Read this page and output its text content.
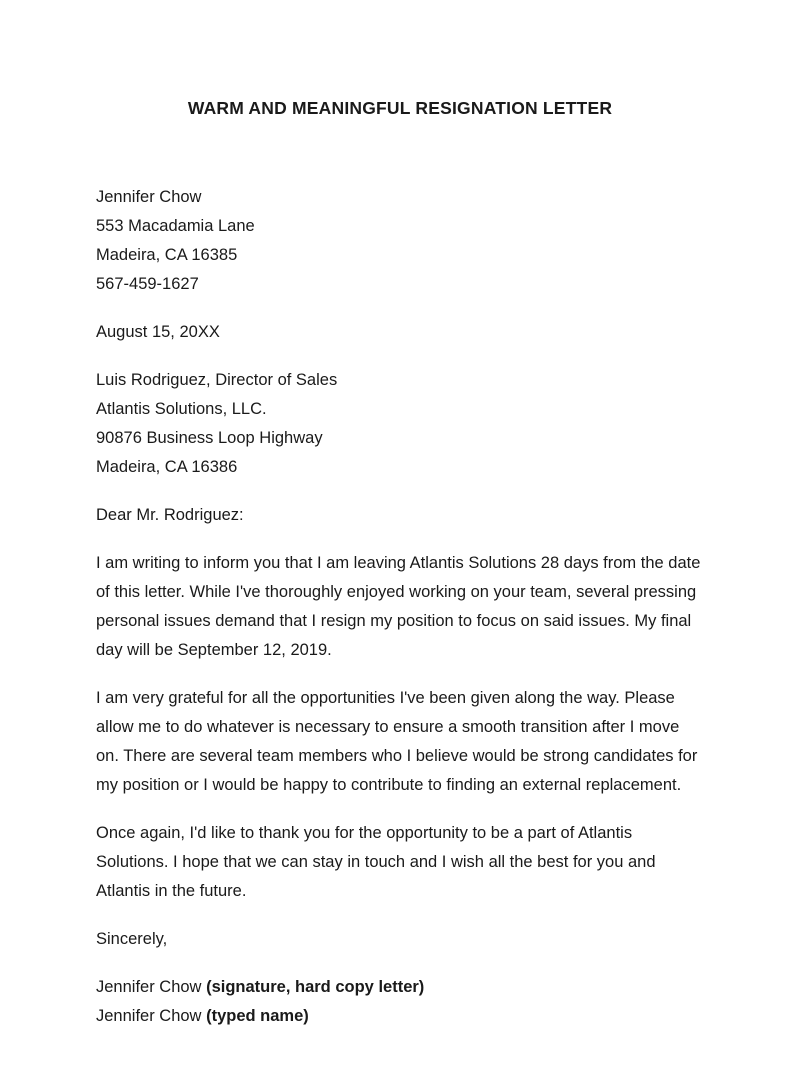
WARM AND MEANINGFUL RESIGNATION LETTER
Jennifer Chow
553 Macadamia Lane
Madeira, CA 16385
567-459-1627
August 15, 20XX
Luis Rodriguez, Director of Sales
Atlantis Solutions, LLC.
90876 Business Loop Highway
Madeira, CA 16386
Dear Mr. Rodriguez:

I am writing to inform you that I am leaving Atlantis Solutions 28 days from the date of this letter. While I've thoroughly enjoyed working on your team, several pressing personal issues demand that I resign my position to focus on said issues. My final day will be September 12, 2019.

I am very grateful for all the opportunities I've been given along the way. Please allow me to do whatever is necessary to ensure a smooth transition after I move on. There are several team members who I believe would be strong candidates for my position or I would be happy to contribute to finding an external replacement.

Once again, I'd like to thank you for the opportunity to be a part of Atlantis Solutions. I hope that we can stay in touch and I wish all the best for you and Atlantis in the future.

Sincerely,
Jennifer Chow (signature, hard copy letter)
Jennifer Chow (typed name)
